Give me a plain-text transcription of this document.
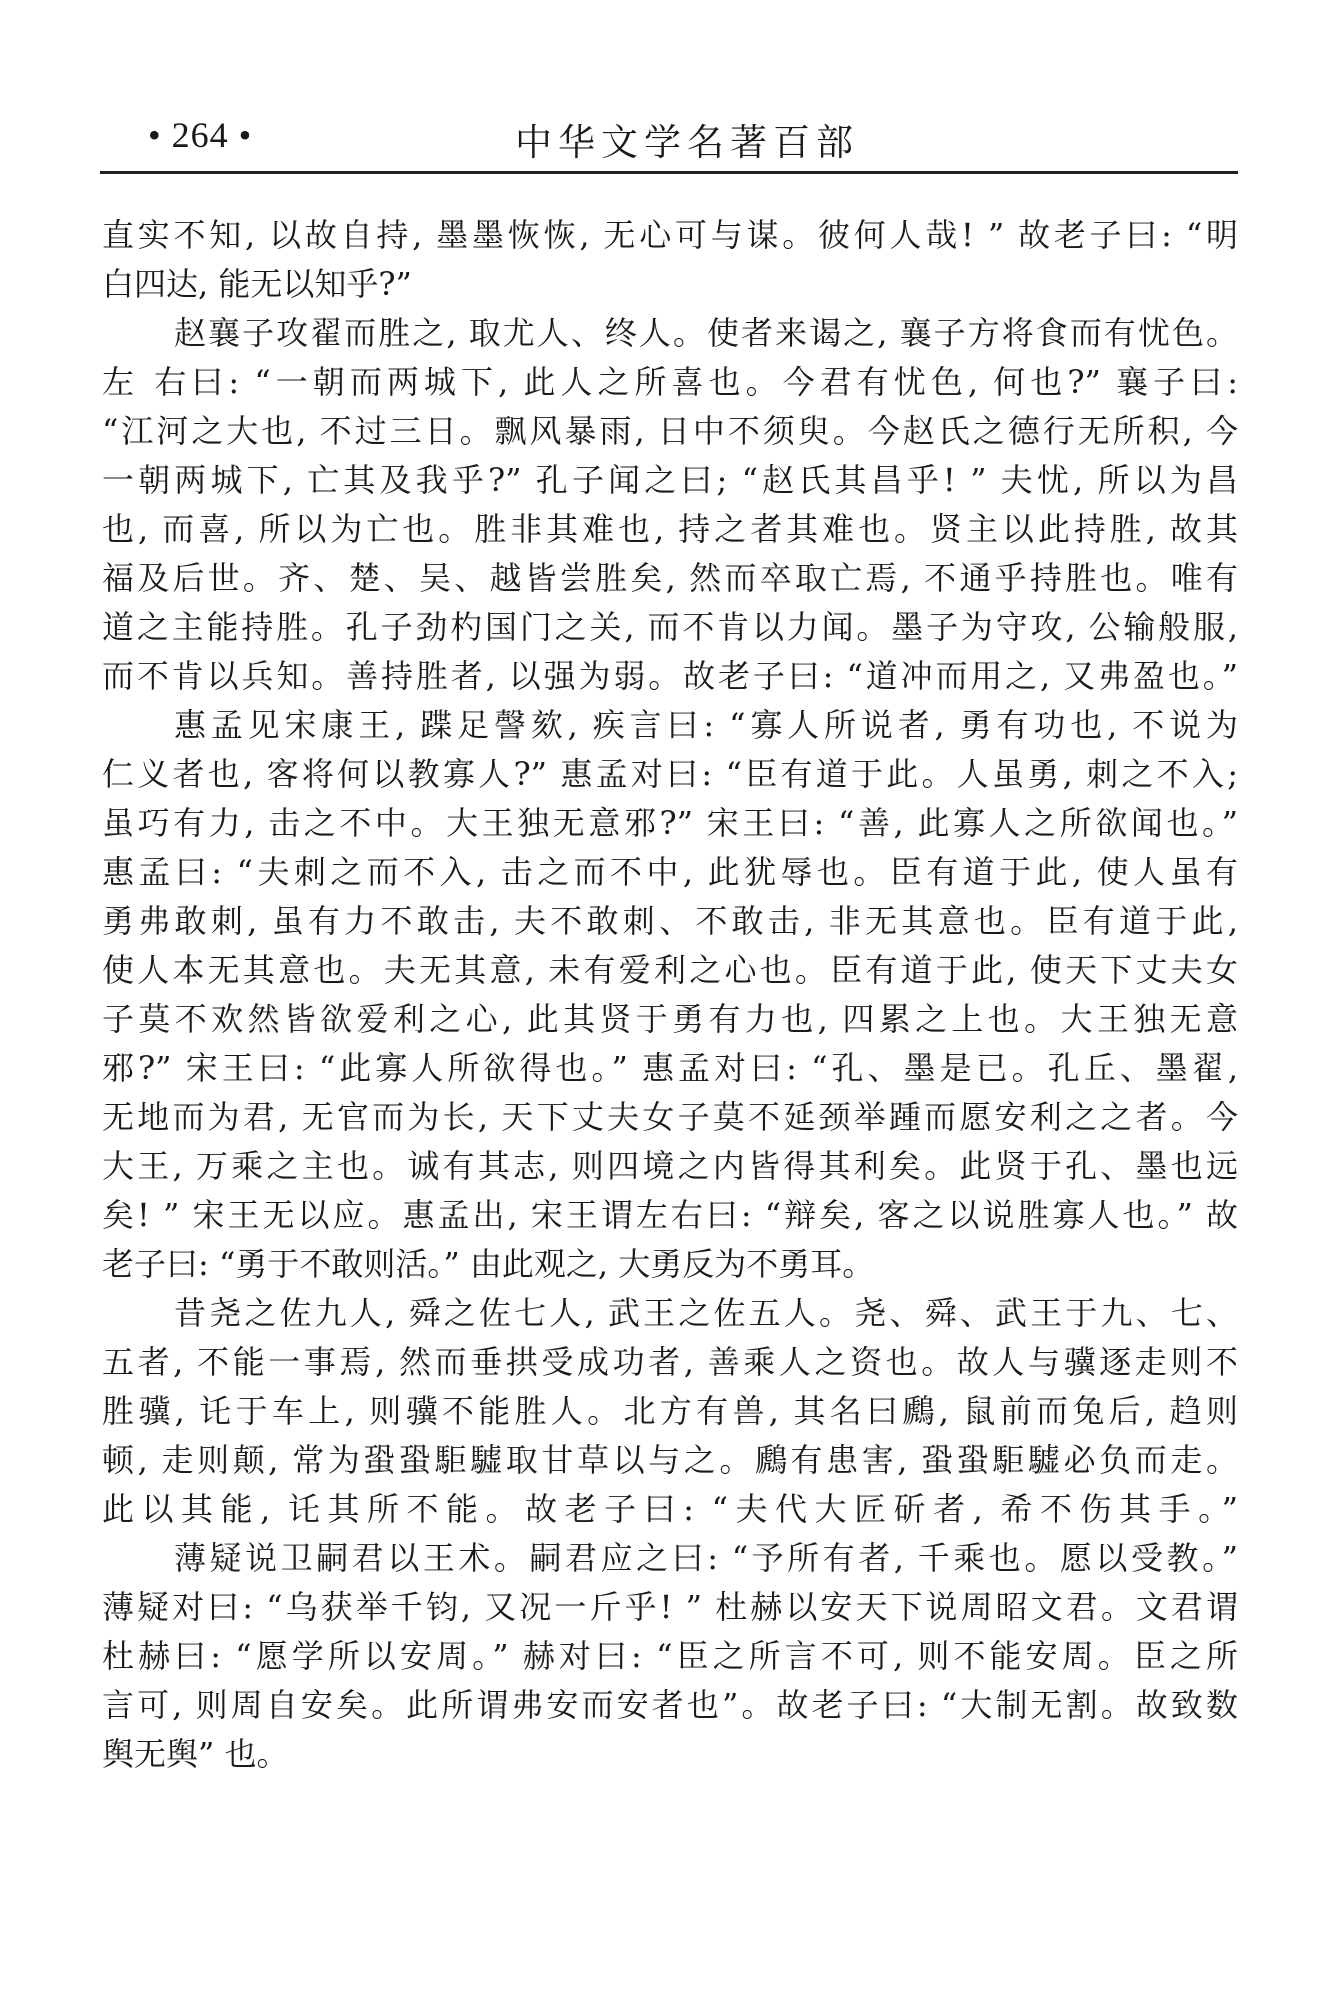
• 264 •	中华文学名著百部
直实不知, 以故自持, 墨墨恢恢, 无心可与谋。彼何人哉! ” 故老子曰: “明
白四达, 能无以知乎?”
赵襄子攻翟而胜之, 取尤人、终人。使者来谒之, 襄子方将食而有忧色。
左 右曰: “一朝而两城下, 此人之所喜也。今君有忧色, 何也?” 襄子曰:
“江河之大也, 不过三日。飘风暴雨, 日中不须臾。今赵氏之德行无所积, 今
一朝两城下, 亡其及我乎?” 孔子闻之曰; “赵氏其昌乎! ” 夫忧, 所以为昌
也, 而喜, 所以为亡也。胜非其难也, 持之者其难也。贤主以此持胜, 故其
福及后世。齐、楚、吴、越皆尝胜矣, 然而卒取亡焉, 不通乎持胜也。唯有
道之主能持胜。孔子劲杓国门之关, 而不肯以力闻。墨子为守攻, 公输般服,
而不肯以兵知。善持胜者, 以强为弱。故老子曰: “道冲而用之, 又弗盈也。”
惠孟见宋康王, 蹀足謦欬, 疾言曰: “寡人所说者, 勇有功也, 不说为
仁义者也, 客将何以教寡人?” 惠孟对曰: “臣有道于此。人虽勇, 刺之不入;
虽巧有力, 击之不中。大王独无意邪?” 宋王曰: “善, 此寡人之所欲闻也。”
惠孟曰: “夫刺之而不入, 击之而不中, 此犹辱也。臣有道于此, 使人虽有
勇弗敢刺, 虽有力不敢击, 夫不敢刺、不敢击, 非无其意也。臣有道于此,
使人本无其意也。夫无其意, 未有爱利之心也。臣有道于此, 使天下丈夫女
子莫不欢然皆欲爱利之心, 此其贤于勇有力也, 四累之上也。大王独无意
邪?” 宋王曰: “此寡人所欲得也。” 惠孟对曰: “孔、墨是已。孔丘、墨翟,
无地而为君, 无官而为长, 天下丈夫女子莫不延颈举踵而愿安利之之者。今
大王, 万乘之主也。诚有其志, 则四境之内皆得其利矣。此贤于孔、墨也远
矣! ” 宋王无以应。惠孟出, 宋王谓左右曰: “辩矣, 客之以说胜寡人也。” 故
老子曰: “勇于不敢则活。” 由此观之, 大勇反为不勇耳。
昔尧之佐九人, 舜之佐七人, 武王之佐五人。尧、舜、武王于九、七、
五者, 不能一事焉, 然而垂拱受成功者, 善乘人之资也。故人与骥逐走则不
胜骥, 讬于车上, 则骥不能胜人。北方有兽, 其名曰鷉, 鼠前而兔后, 趋则
顿, 走则颠, 常为蛩蛩駏驉取甘草以与之。鷉有患害, 蛩蛩駏驉必负而走。
此以其能, 讬其所不能。故老子曰: “夫代大匠斫者, 希不伤其手。”
薄疑说卫嗣君以王术。嗣君应之曰: “予所有者, 千乘也。愿以受教。”
薄疑对曰: “乌获举千钧, 又况一斤乎! ” 杜赫以安天下说周昭文君。文君谓
杜赫曰: “愿学所以安周。” 赫对曰: “臣之所言不可, 则不能安周。臣之所
言可, 则周自安矣。此所谓弗安而安者也”。故老子曰: “大制无割。故致数
舆无舆” 也。
